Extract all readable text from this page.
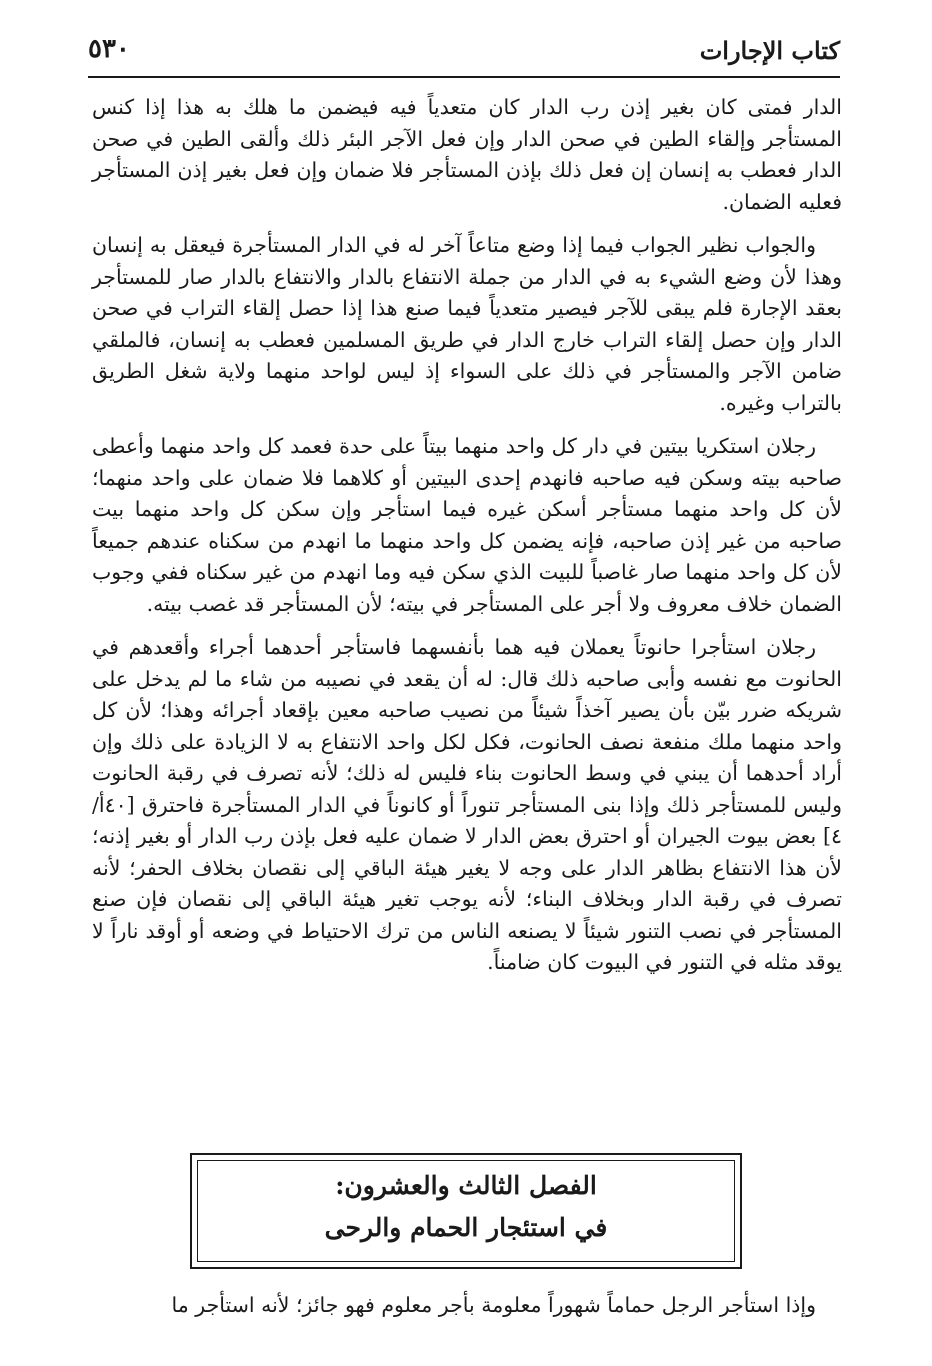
كتاب الإجارات
٥٣٠

الدار فمتى كان بغير إذن رب الدار كان متعدياً فيه فيضمن ما هلك به هذا إذا كنس المستأجر وإلقاء الطين في صحن الدار وإن فعل الآجر البئر ذلك وألقى الطين في صحن الدار فعطب به إنسان إن فعل ذلك بإذن المستأجر فلا ضمان وإن فعل بغير إذن المستأجر فعليه الضمان.

والجواب نظير الجواب فيما إذا وضع متاعاً آخر له في الدار المستأجرة فيعقل به إنسان وهذا لأن وضع الشيء به في الدار من جملة الانتفاع بالدار والانتفاع بالدار صار للمستأجر بعقد الإجارة فلم يبقى للآجر فيصير متعدياً فيما صنع هذا إذا حصل إلقاء التراب في صحن الدار وإن حصل إلقاء التراب خارج الدار في طريق المسلمين فعطب به إنسان، فالملقي ضامن الآجر والمستأجر في ذلك على السواء إذ ليس لواحد منهما ولاية شغل الطريق بالتراب وغيره.

رجلان استكريا بيتين في دار كل واحد منهما بيتاً على حدة فعمد كل واحد منهما وأعطى صاحبه بيته وسكن فيه صاحبه فانهدم إحدى البيتين أو كلاهما فلا ضمان على واحد منهما؛ لأن كل واحد منهما مستأجر أسكن غيره فيما استأجر وإن سكن كل واحد منهما بيت صاحبه من غير إذن صاحبه، فإنه يضمن كل واحد منهما ما انهدم من سكناه عندهم جميعاً لأن كل واحد منهما صار غاصباً للبيت الذي سكن فيه وما انهدم من غير سكناه ففي وجوب الضمان خلاف معروف ولا أجر على المستأجر في بيته؛ لأن المستأجر قد غصب بيته.

رجلان استأجرا حانوتاً يعملان فيه هما بأنفسهما فاستأجر أحدهما أجراء وأقعدهم في الحانوت مع نفسه وأبى صاحبه ذلك قال: له أن يقعد في نصيبه من شاء ما لم يدخل على شريكه ضرر بيّن بأن يصير آخذاً شيئاً من نصيب صاحبه معين بإقعاد أجرائه وهذا؛ لأن كل واحد منهما ملك منفعة نصف الحانوت، فكل لكل واحد الانتفاع به لا الزيادة على ذلك وإن أراد أحدهما أن يبني في وسط الحانوت بناء فليس له ذلك؛ لأنه تصرف في رقبة الحانوت وليس للمستأجر ذلك وإذا بنى المستأجر تنوراً أو كانوناً في الدار المستأجرة فاحترق [٤٠أ/ ٤] بعض بيوت الجيران أو احترق بعض الدار لا ضمان عليه فعل بإذن رب الدار أو بغير إذنه؛ لأن هذا الانتفاع بظاهر الدار على وجه لا يغير هيئة الباقي إلى نقصان بخلاف الحفر؛ لأنه تصرف في رقبة الدار وبخلاف البناء؛ لأنه يوجب تغير هيئة الباقي إلى نقصان فإن صنع المستأجر في نصب التنور شيئاً لا يصنعه الناس من ترك الاحتياط في وضعه أو أوقد ناراً لا يوقد مثله في التنور في البيوت كان ضامناً.

الفصل الثالث والعشرون:
في استئجار الحمام والرحى
وإذا استأجر الرجل حماماً شهوراً معلومة بأجر معلوم فهو جائز؛ لأنه استأجر ما
